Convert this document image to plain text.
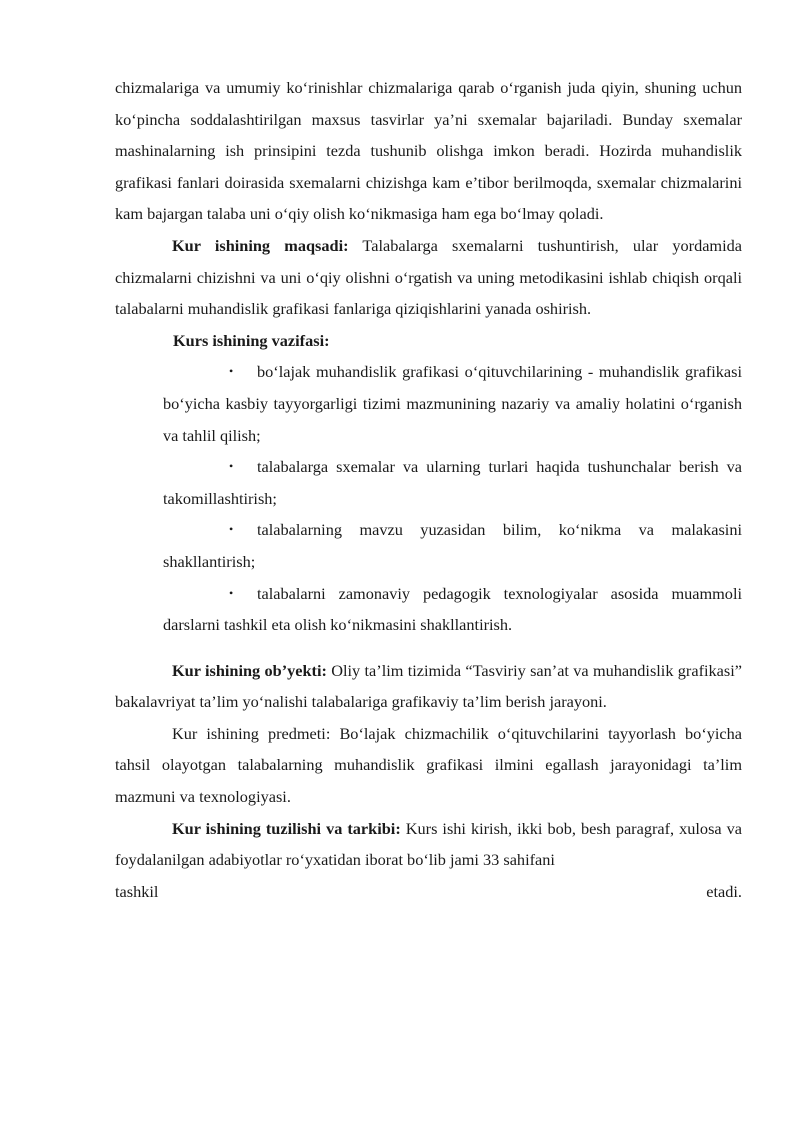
chizmalariga va umumiy ko‘rinishlar chizmalariga qarab o‘rganish juda qiyin, shuning uchun ko‘pincha soddalashtirilgan maxsus tasvirlar ya’ni sxemalar bajariladi. Bunday sxemalar mashinalarning ish prinsipini tezda tushunib olishga imkon beradi. Hozirda muhandislik grafikasi fanlari doirasida sxemalarni chizishga kam e’tibor berilmoqda, sxemalar chizmalarini kam bajargan talaba uni o‘qiy olish ko‘nikmasiga ham ega bo‘lmay qoladi.

Kur ishining maqsadi: Talabalarga sxemalarni tushuntirish, ular yordamida chizmalarni chizishni va uni o‘qiy olishni o‘rgatish va uning metodikasini ishlab chiqish orqali talabalarni muhandislik grafikasi fanlariga qiziqishlarini yanada oshirish.

Kurs ishining vazifasi:
• bo‘lajak muhandislik grafikasi o‘qituvchilarining - muhandislik grafikasi bo‘yicha kasbiy tayyorgarligi tizimi mazmunining nazariy va amaliy holatini o‘rganish va tahlil qilish;
• talabalarga sxemalar va ularning turlari haqida tushunchalar berish va takomillashtirish;
• talabalarning mavzu yuzasidan bilim, ko‘nikma va malakasini shakllantirish;
• talabalarni zamonaviy pedagogik texnologiyalar asosida muammoli darslarni tashkil eta olish ko‘nikmasini shakllantirish.

Kur ishining ob’yekti: Oliy ta’lim tizimida “Tasviriy san’at va muhandislik grafikasi” bakalavriyat ta’lim yo‘nalishi talabalariga grafikaviy ta’lim berish jarayoni.

Kur ishining predmeti: Bo‘lajak chizmachilik o‘qituvchilarini tayyorlash bo‘yicha tahsil olayotgan talabalarning muhandislik grafikasi ilmini egallash jarayonidagi ta’lim mazmuni va texnologiyasi.

Kur ishining tuzilishi va tarkibi: Kurs ishi kirish, ikki bob, besh paragraf, xulosa va foydalanilgan adabiyotlar ro‘yxatidan iborat bo‘lib jami 33 sahifani

tashkil	etadi.
